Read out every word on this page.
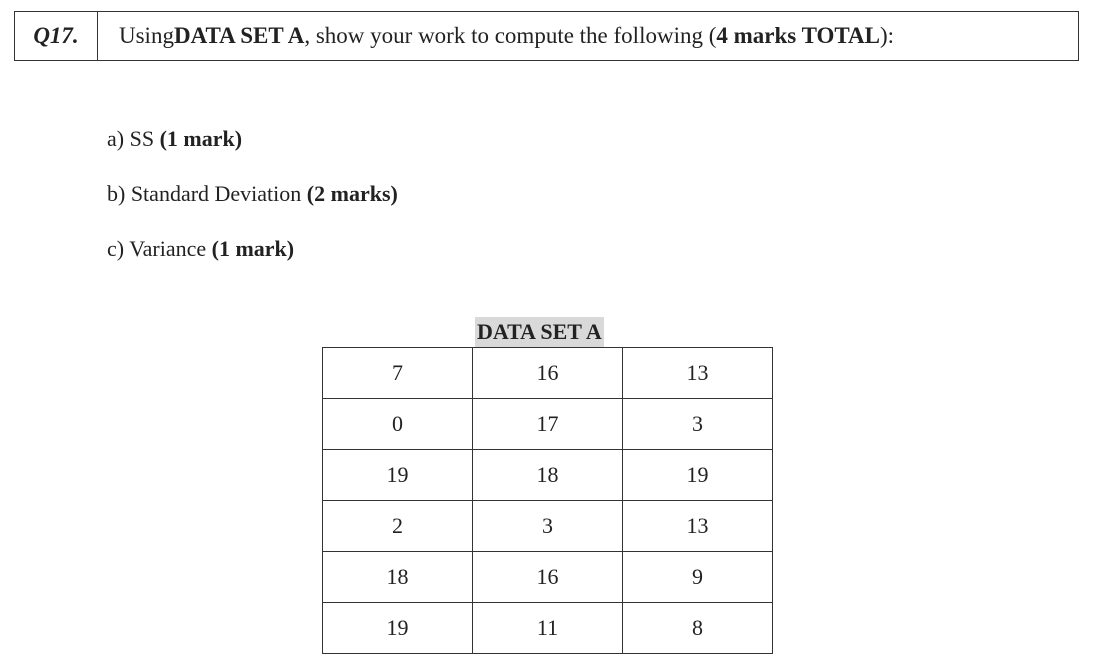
Q17.	Using DATA SET A , show your work to compute the following ( 4 marks TOTAL ):
a) SS (1 mark)
b) Standard Deviation (2 marks)
c) Variance (1 mark)
DATA SET A
7	16	13
0	17	3
19	18	19
2	3	13
18	16	9
19	11	8
